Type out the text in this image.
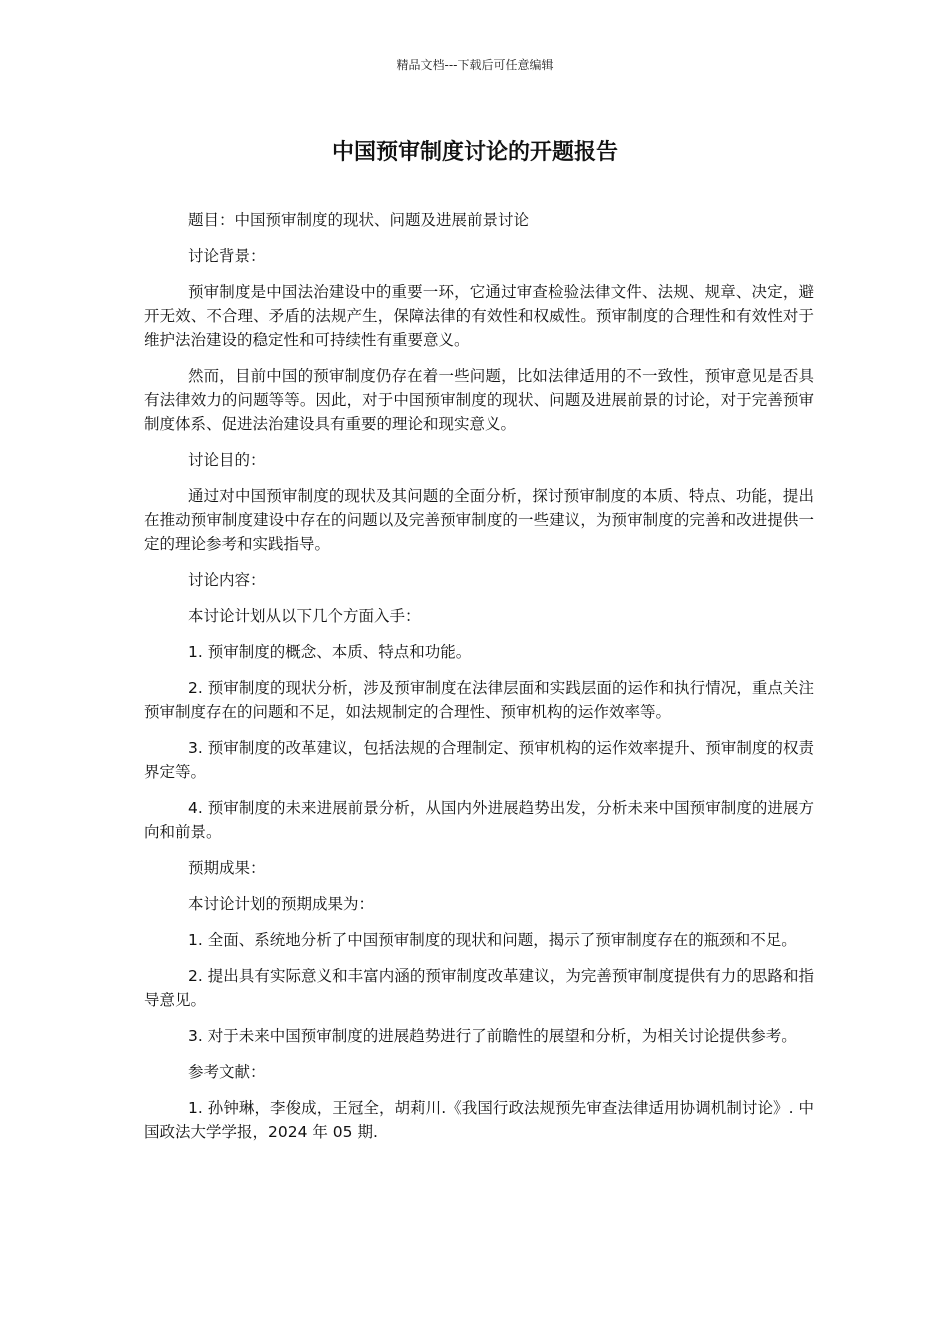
精品文档---下载后可任意编辑
中国预审制度讨论的开题报告

题目：中国预审制度的现状、问题及进展前景讨论

讨论背景：

预审制度是中国法治建设中的重要一环，它通过审查检验法律文件、法规、规章、决定，避开无效、不合理、矛盾的法规产生，保障法律的有效性和权威性。预审制度的合理性和有效性对于维护法治建设的稳定性和可持续性有重要意义。

然而，目前中国的预审制度仍存在着一些问题，比如法律适用的不一致性，预审意见是否具有法律效力的问题等等。因此，对于中国预审制度的现状、问题及进展前景的讨论，对于完善预审制度体系、促进法治建设具有重要的理论和现实意义。

讨论目的：

通过对中国预审制度的现状及其问题的全面分析，探讨预审制度的本质、特点、功能，提出在推动预审制度建设中存在的问题以及完善预审制度的一些建议，为预审制度的完善和改进提供一定的理论参考和实践指导。

讨论内容：

本讨论计划从以下几个方面入手：

1. 预审制度的概念、本质、特点和功能。

2. 预审制度的现状分析，涉及预审制度在法律层面和实践层面的运作和执行情况，重点关注预审制度存在的问题和不足，如法规制定的合理性、预审机构的运作效率等。

3. 预审制度的改革建议，包括法规的合理制定、预审机构的运作效率提升、预审制度的权责界定等。

4. 预审制度的未来进展前景分析，从国内外进展趋势出发，分析未来中国预审制度的进展方向和前景。

预期成果：

本讨论计划的预期成果为：

1. 全面、系统地分析了中国预审制度的现状和问题，揭示了预审制度存在的瓶颈和不足。

2. 提出具有实际意义和丰富内涵的预审制度改革建议，为完善预审制度提供有力的思路和指导意见。

3. 对于未来中国预审制度的进展趋势进行了前瞻性的展望和分析，为相关讨论提供参考。

参考文献：

1. 孙钟琳，李俊成，王冠全，胡莉川.《我国行政法规预先审查法律适用协调机制讨论》. 中国政法大学学报，2024 年 05 期.
